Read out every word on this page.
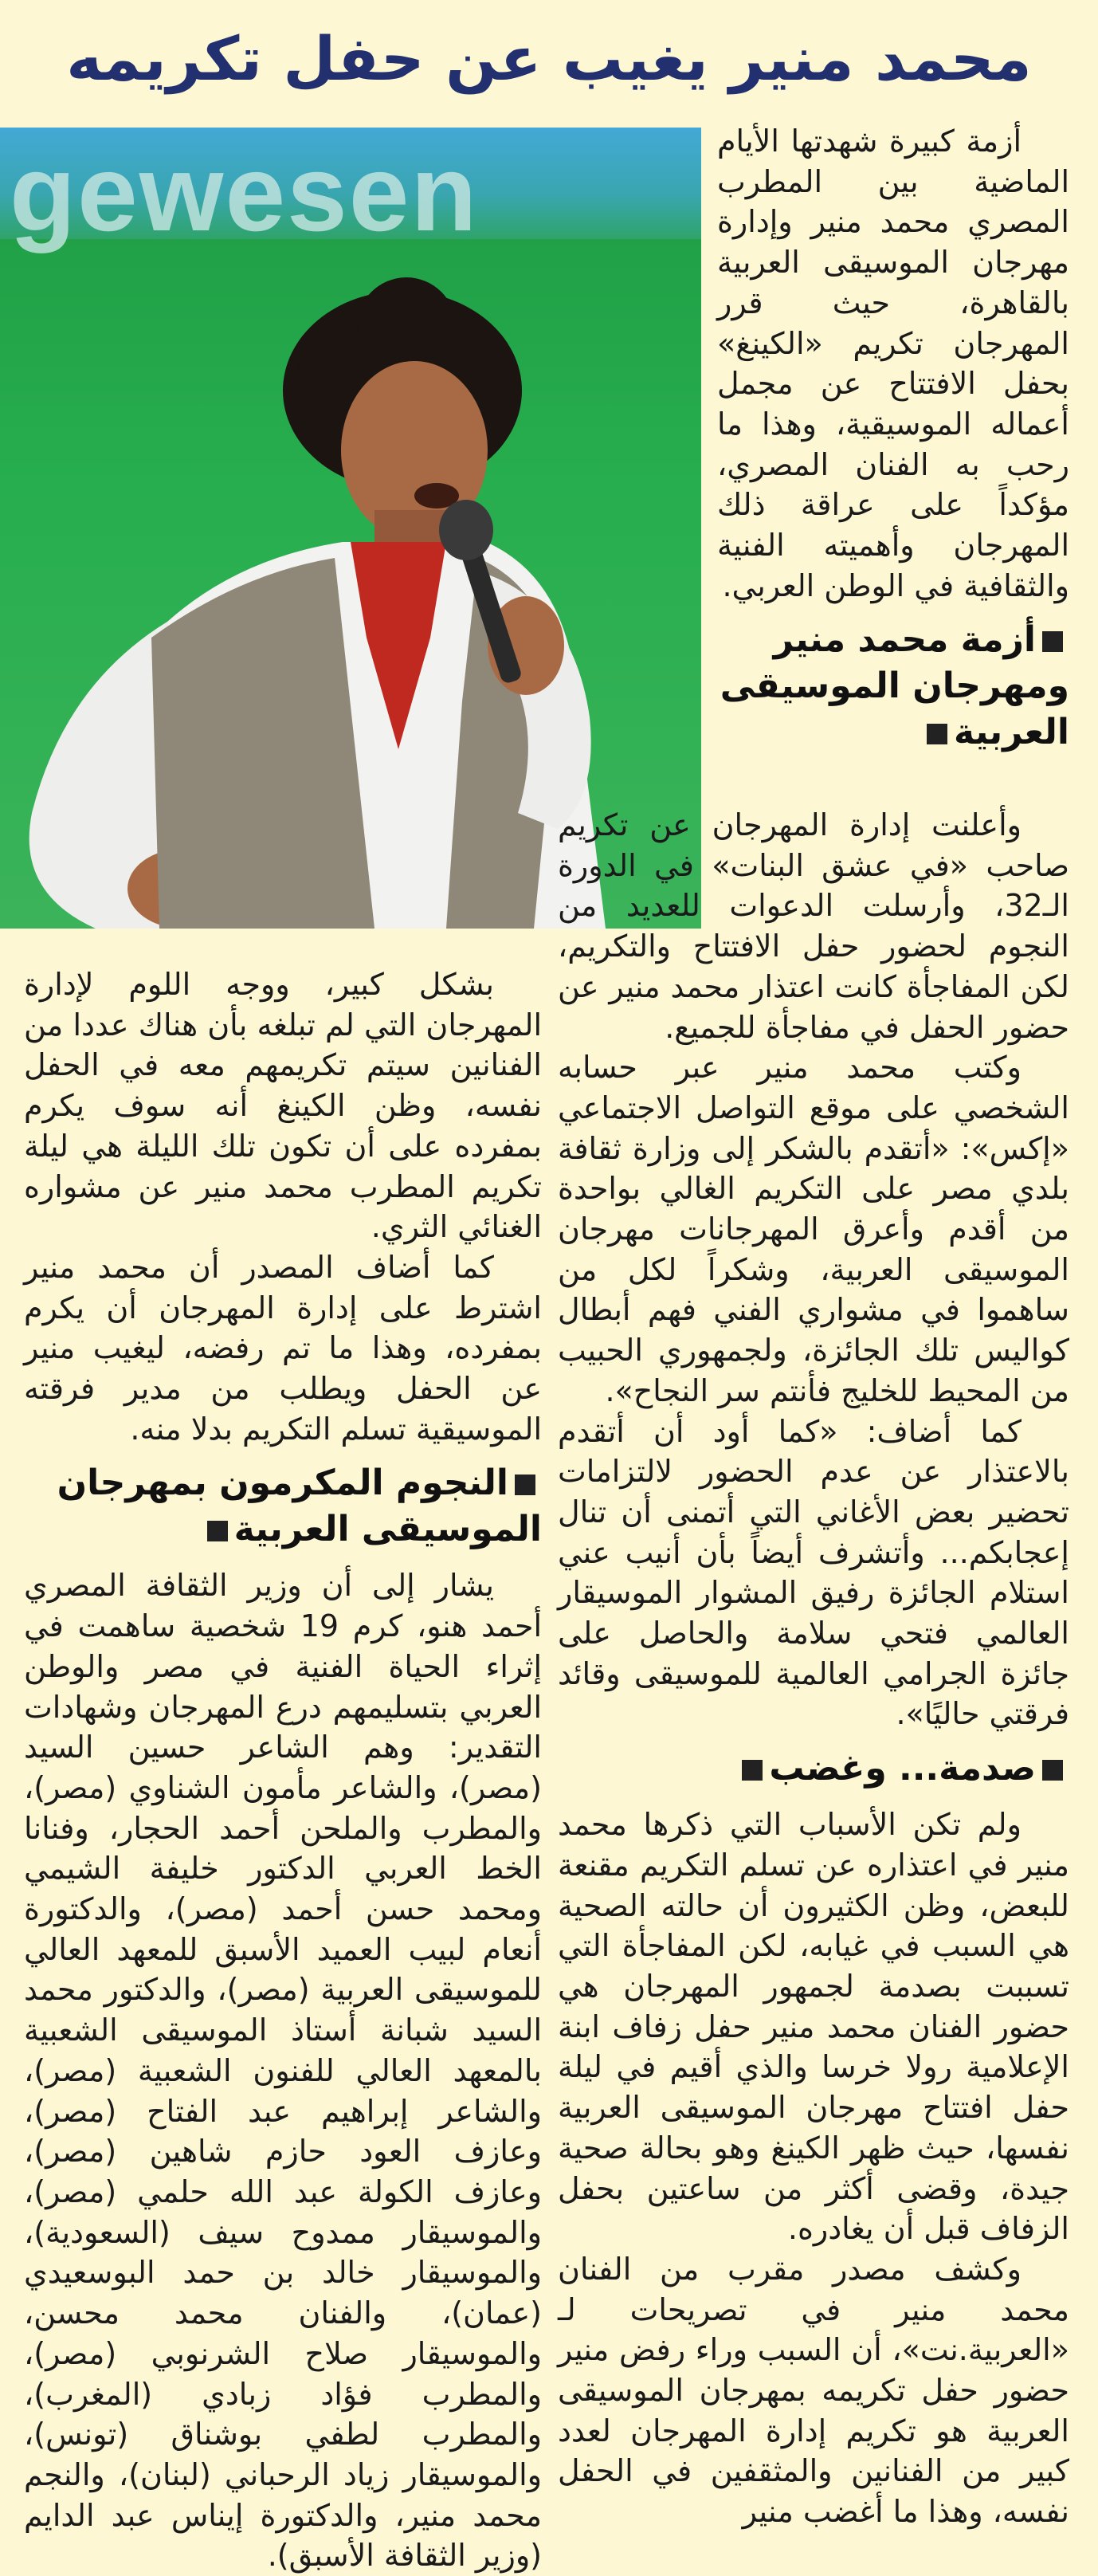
محمد منير يغيب عن حفل تكريمه
gewesen	أزمة كبيرة شهدتها الأيام الماضية بين المطرب المصري محمد منير وإدارة مهرجان الموسيقى العربية بالقاهرة، حيث قرر المهرجان تكريم «الكينغ» بحفل الافتتاح عن مجمل أعماله الموسيقية، وهذا ما رحب به الفنان المصري، مؤكداً على عراقة ذلك المهرجان وأهميته الفنية والثقافية في الوطن العربي.

أزمة محمد منير ومهرجان الموسيقى العربية

وأعلنت إدارة المهرجان عن تكريم صاحب «في عشق البنات» في الدورة الـ32، وأرسلت الدعوات للعديد من النجوم لحضور حفل الافتتاح والتكريم، لكن المفاجأة كانت اعتذار محمد منير عن حضور الحفل في مفاجأة للجميع.

وكتب محمد منير عبر حسابه الشخصي على موقع التواصل الاجتماعي «إكس»: «أتقدم بالشكر إلى وزارة ثقافة بلدي مصر على التكريم الغالي بواحدة من أقدم وأعرق المهرجانات مهرجان الموسيقى العربية، وشكراً لكل من ساهموا في مشواري الفني فهم أبطال كواليس تلك الجائزة، ولجمهوري الحبيب من المحيط للخليج فأنتم سر النجاح».

كما أضاف: «كما أود أن أتقدم بالاعتذار عن عدم الحضور لالتزامات تحضير بعض الأغاني التي أتمنى أن تنال إعجابكم... وأتشرف أيضاً بأن أنيب عني استلام الجائزة رفيق المشوار الموسيقار العالمي فتحي سلامة والحاصل على جائزة الجرامي العالمية للموسيقى وقائد فرقتي حاليًا».

صدمة... وغضب

ولم تكن الأسباب التي ذكرها محمد منير في اعتذاره عن تسلم التكريم مقنعة للبعض، وظن الكثيرون أن حالته الصحية هي السبب في غيابه، لكن المفاجأة التي تسببت بصدمة لجمهور المهرجان هي حضور الفنان محمد منير حفل زفاف ابنة الإعلامية رولا خرسا والذي أقيم في ليلة حفل افتتاح مهرجان الموسيقى العربية نفسها، حيث ظهر الكينغ وهو بحالة صحية جيدة، وقضى أكثر من ساعتين بحفل الزفاف قبل أن يغادره.

وكشف مصدر مقرب من الفنان محمد منير في تصريحات لـ «العربية.نت»، أن السبب وراء رفض منير حضور حفل تكريمه بمهرجان الموسيقى العربية هو تكريم إدارة المهرجان لعدد كبير من الفنانين والمثقفين في الحفل نفسه، وهذا ما أغضب منير

بشكل كبير، ووجه اللوم لإدارة المهرجان التي لم تبلغه بأن هناك عددا من الفنانين سيتم تكريمهم معه في الحفل نفسه، وظن الكينغ أنه سوف يكرم بمفرده على أن تكون تلك الليلة هي ليلة تكريم المطرب محمد منير عن مشواره الغنائي الثري.

كما أضاف المصدر أن محمد منير اشترط على إدارة المهرجان أن يكرم بمفرده، وهذا ما تم رفضه، ليغيب منير عن الحفل ويطلب من مدير فرقته الموسيقية تسلم التكريم بدلا منه.

النجوم المكرمون بمهرجان الموسيقى العربية

يشار إلى أن وزير الثقافة المصري أحمد هنو، كرم 19 شخصية ساهمت في إثراء الحياة الفنية في مصر والوطن العربي بتسليمهم درع المهرجان وشهادات التقدير: وهم الشاعر حسين السيد (مصر)، والشاعر مأمون الشناوي (مصر)، والمطرب والملحن أحمد الحجار، وفنانا الخط العربي الدكتور خليفة الشيمي ومحمد حسن أحمد (مصر)، والدكتورة أنعام لبيب العميد الأسبق للمعهد العالي للموسيقى العربية (مصر)، والدكتور محمد السيد شبانة أستاذ الموسيقى الشعبية بالمعهد العالي للفنون الشعبية (مصر)، والشاعر إبراهيم عبد الفتاح (مصر)، وعازف العود حازم شاهين (مصر)، وعازف الكولة عبد الله حلمي (مصر)، والموسيقار ممدوح سيف (السعودية)، والموسيقار خالد بن حمد البوسعيدي (عمان)، والفنان محمد محسن، والموسيقار صلاح الشرنوبي (مصر)، والمطرب فؤاد زبادي (المغرب)، والمطرب لطفي بوشناق (تونس)، والموسيقار زياد الرحباني (لبنان)، والنجم محمد منير، والدكتورة إيناس عبد الدايم (وزير الثقافة الأسبق).
